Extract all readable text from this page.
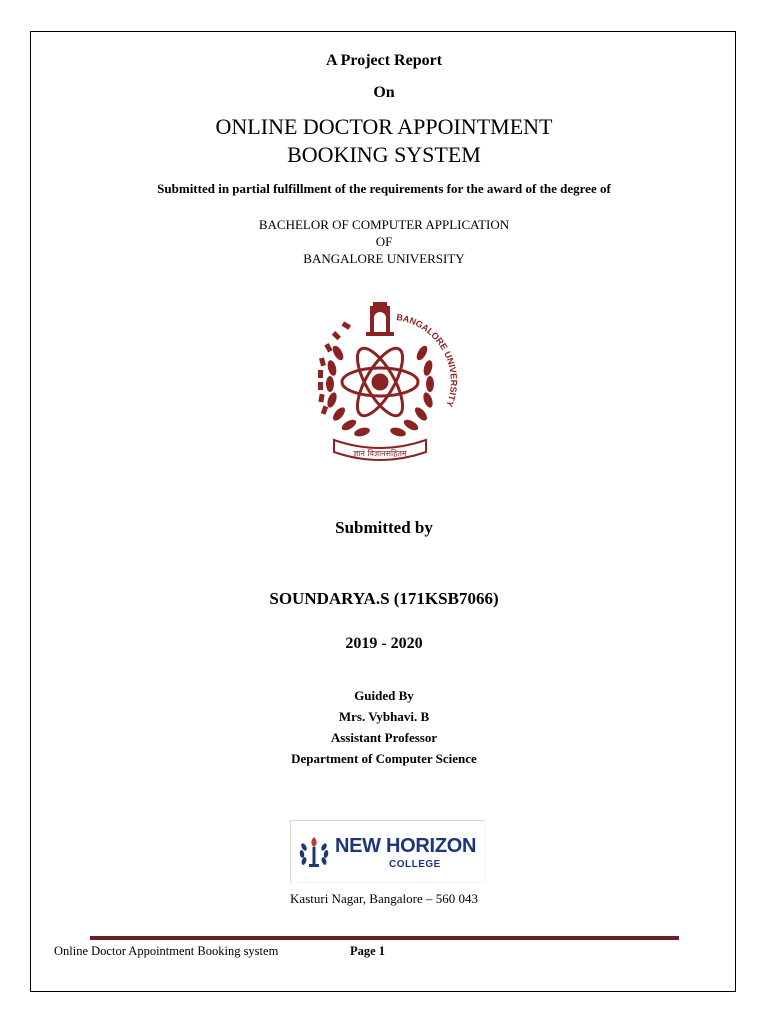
A Project Report
On
ONLINE DOCTOR APPOINTMENT
BOOKING SYSTEM
Submitted in partial fulfillment of the requirements for the award of the degree of
BACHELOR OF COMPUTER APPLICATION
OF
BANGALORE UNIVERSITY
ज्ञानं विज्ञानसहितम्
BANGALORE UNIVERSITY
Submitted by
SOUNDARYA.S (171KSB7066)
2019 - 2020
Guided By
Mrs. Vybhavi. B
Assistant Professor
Department of Computer Science
NEW HORIZON
COLLEGE
Kasturi Nagar, Bangalore – 560 043
Online Doctor Appointment Booking system	Page 1
